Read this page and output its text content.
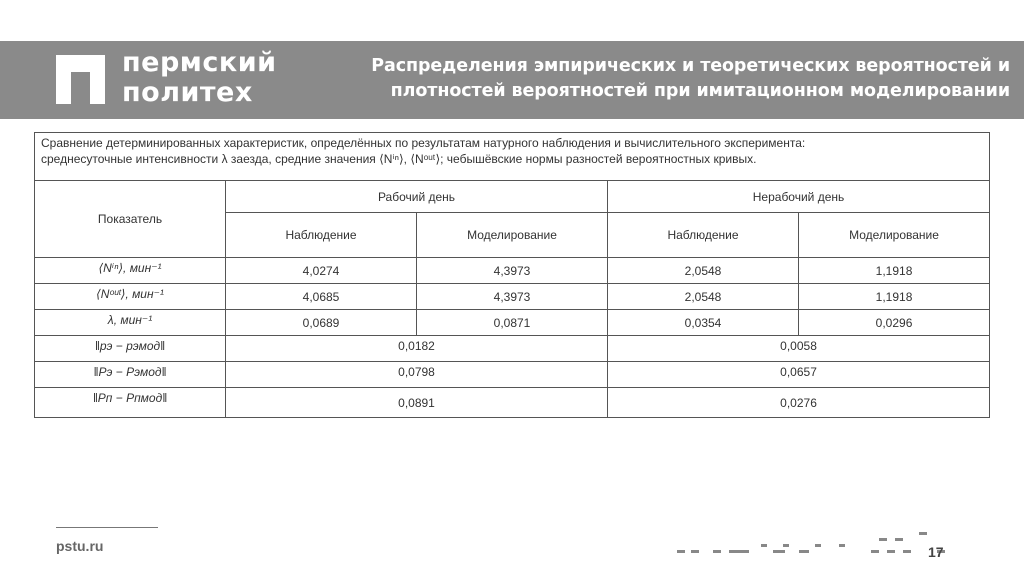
пермский
политех
Распределения эмпирических и теоретических вероятностей и
плотностей вероятностей при имитационном моделировании
Сравнение детерминированных характеристик, определённых по результатам натурного наблюдения и вычислительного эксперимента:
среднесуточные интенсивности λ заезда, средние значения ⟨Nⁱⁿ⟩, ⟨Nᵒᵘᵗ⟩; чебышёвские нормы разностей вероятностных кривых.				

Показатель	Рабочий день		Нерабочий день	
	Наблюдение	Моделирование	Наблюдение	Моделирование
⟨Nⁱⁿ⟩, мин⁻¹	4,0274	4,3973	2,0548	1,1918
⟨Nᵒᵘᵗ⟩, мин⁻¹	4,0685	4,3973	2,0548	1,1918
λ, мин⁻¹	0,0689	0,0871	0,0354	0,0296
‖pэ − pэмод‖	0,0182		0,0058	
‖Pэ − Pэмод‖	0,0798		0,0657	
‖Pп − Pпмод‖	0,0891		0,0276	
pstu.ru	17
